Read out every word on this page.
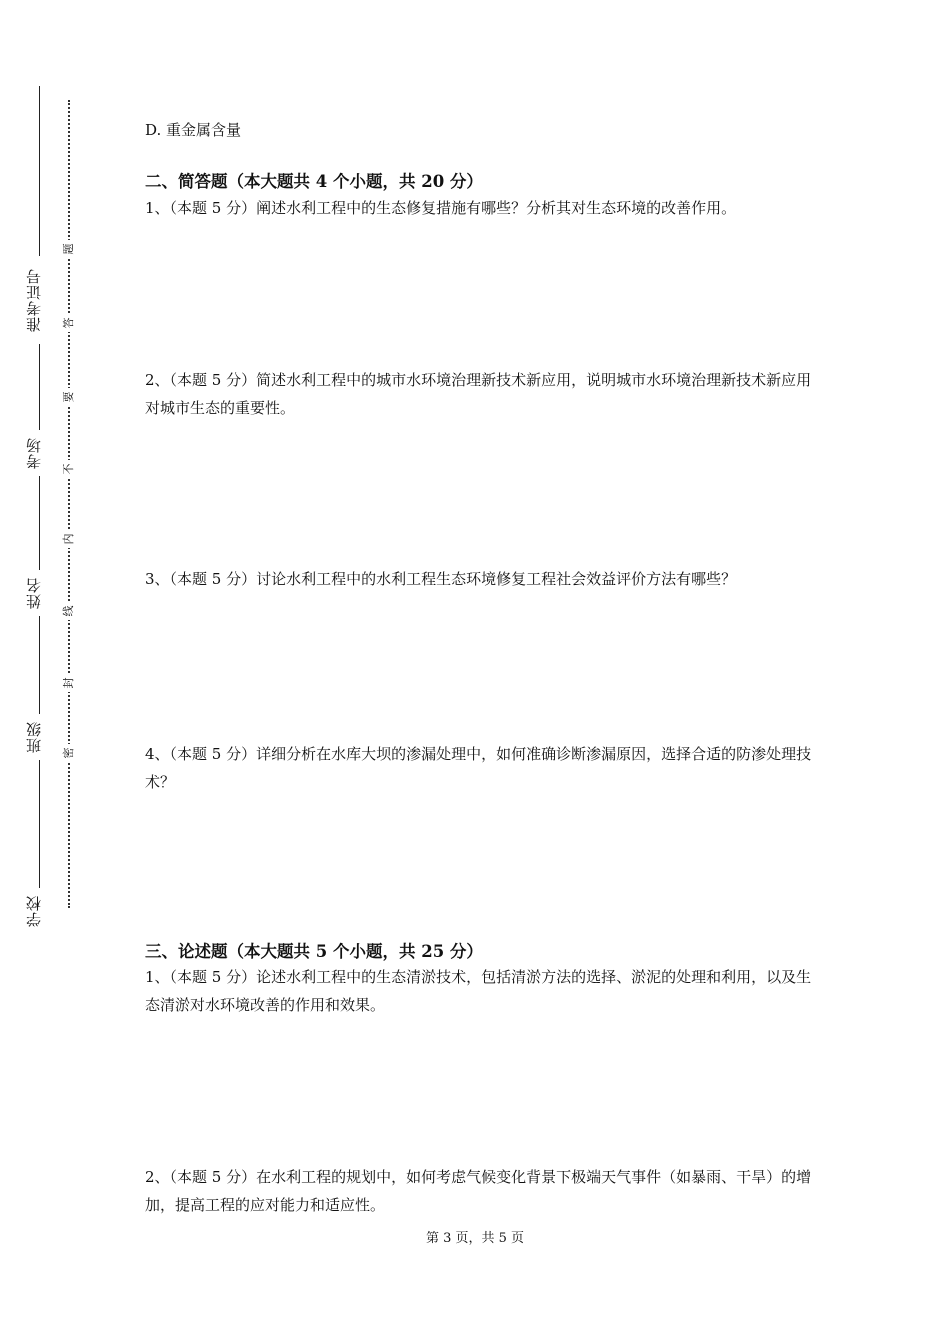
准考证号
考场
姓名
班级
学校
题
答
要
不
内
线
封
密
D. 重金属含量
二、简答题（本大题共 4 个小题，共 20 分）
1、（本题 5 分）阐述水利工程中的生态修复措施有哪些？分析其对生态环境的改善作用。
2、（本题 5 分）简述水利工程中的城市水环境治理新技术新应用，说明城市水环境治理新技术新应用对城市生态的重要性。
3、（本题 5 分）讨论水利工程中的水利工程生态环境修复工程社会效益评价方法有哪些？
4、（本题 5 分）详细分析在水库大坝的渗漏处理中，如何准确诊断渗漏原因，选择合适的防渗处理技术？
三、论述题（本大题共 5 个小题，共 25 分）
1、（本题 5 分）论述水利工程中的生态清淤技术，包括清淤方法的选择、淤泥的处理和利用，以及生态清淤对水环境改善的作用和效果。
2、（本题 5 分）在水利工程的规划中，如何考虑气候变化背景下极端天气事件（如暴雨、干旱）的增加，提高工程的应对能力和适应性。
第 3 页，共 5 页
